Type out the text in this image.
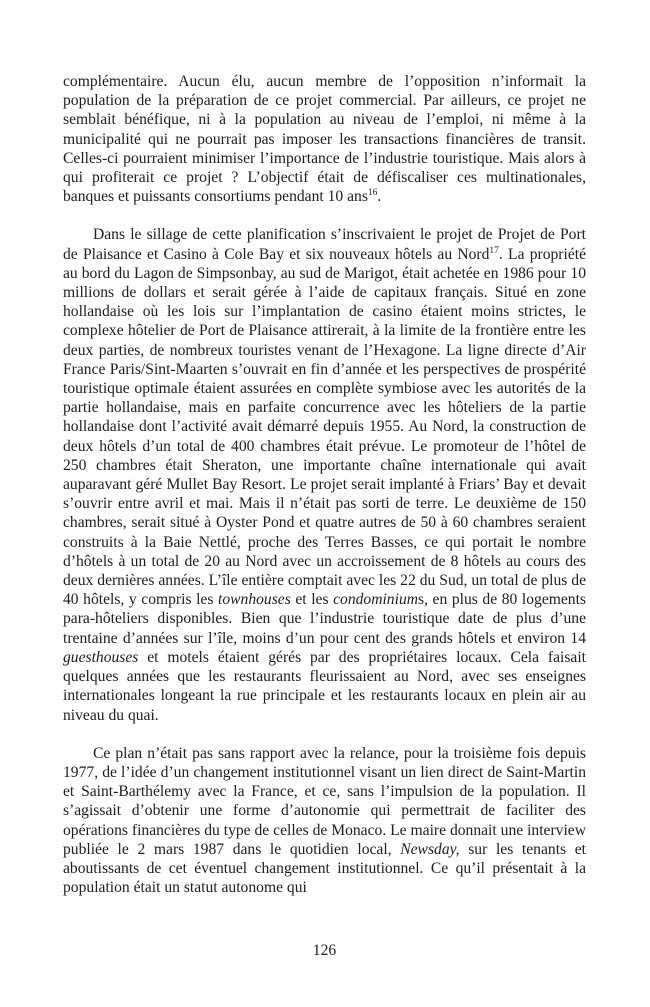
complémentaire. Aucun élu, aucun membre de l’opposition n’informait la population de la préparation de ce projet commercial. Par ailleurs, ce projet ne semblait bénéfique, ni à la population au niveau de l’emploi, ni même à la municipalité qui ne pourrait pas imposer les transactions financières de transit. Celles-ci pourraient minimiser l’importance de l’industrie touristique. Mais alors à qui profiterait ce projet ? L’objectif était de défiscaliser ces multinationales, banques et puissants consortiums pendant 10 ans$^{16}$.

Dans le sillage de cette planification s’inscrivaient le projet de Projet de Port de Plaisance et Casino à Cole Bay et six nouveaux hôtels au Nord$^{17}$. La propriété au bord du Lagon de Simpsonbay, au sud de Marigot, était achetée en 1986 pour 10 millions de dollars et serait gérée à l’aide de capitaux français. Situé en zone hollandaise où les lois sur l’implantation de casino étaient moins strictes, le complexe hôtelier de Port de Plaisance attirerait, à la limite de la frontière entre les deux parties, de nombreux touristes venant de l’Hexagone. La ligne directe d’Air France Paris/Sint-Maarten s’ouvrait en fin d’année et les perspectives de prospérité touristique optimale étaient assurées en complète symbiose avec les autorités de la partie hollandaise, mais en parfaite concurrence avec les hôteliers de la partie hollandaise dont l’activité avait démarré depuis 1955. Au Nord, la construction de deux hôtels d’un total de 400 chambres était prévue. Le promoteur de l’hôtel de 250 chambres était Sheraton, une importante chaîne internationale qui avait auparavant géré Mullet Bay Resort. Le projet serait implanté à Friars’ Bay et devait s’ouvrir entre avril et mai. Mais il n’était pas sorti de terre. Le deuxième de 150 chambres, serait situé à Oyster Pond et quatre autres de 50 à 60 chambres seraient construits à la Baie Nettlé, proche des Terres Basses, ce qui portait le nombre d’hôtels à un total de 20 au Nord avec un accroissement de 8 hôtels au cours des deux dernières années. L’île entière comptait avec les 22 du Sud, un total de plus de 40 hôtels, y compris les townhouses et les condominiums, en plus de 80 logements para-hôteliers disponibles. Bien que l’industrie touristique date de plus d’une trentaine d’années sur l’île, moins d’un pour cent des grands hôtels et environ 14 guesthouses et motels étaient gérés par des propriétaires locaux. Cela faisait quelques années que les restaurants fleurissaient au Nord, avec ses enseignes internationales longeant la rue principale et les restaurants locaux en plein air au niveau du quai.

Ce plan n’était pas sans rapport avec la relance, pour la troisième fois depuis 1977, de l’idée d’un changement institutionnel visant un lien direct de Saint-Martin et Saint-Barthélemy avec la France, et ce, sans l’impulsion de la population. Il s’agissait d’obtenir une forme d’autonomie qui permettrait de faciliter des opérations financières du type de celles de Monaco. Le maire donnait une interview publiée le 2 mars 1987 dans le quotidien local, Newsday, sur les tenants et aboutissants de cet éventuel changement institutionnel. Ce qu’il présentait à la population était un statut autonome qui

126
